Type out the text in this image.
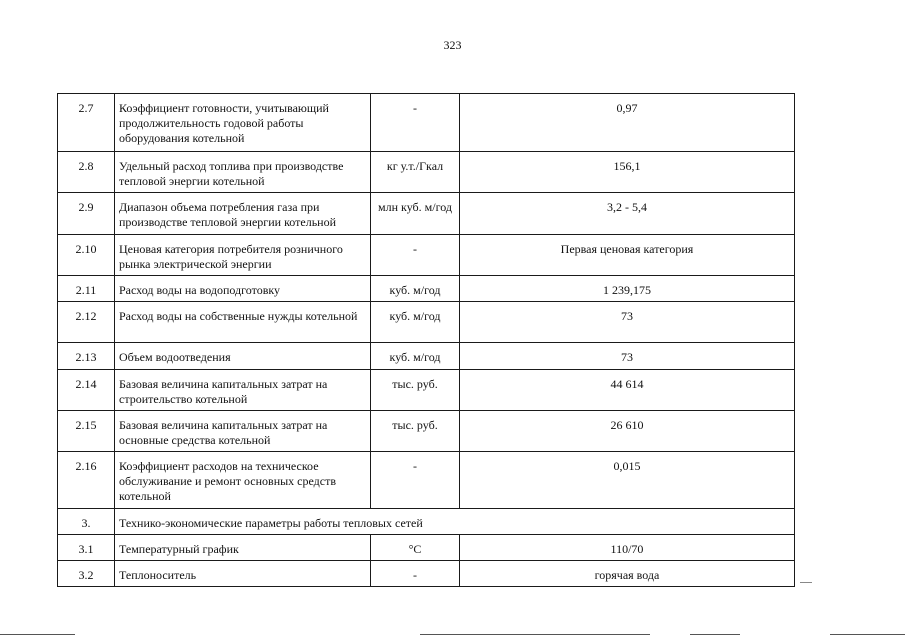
323
2.7	Коэффициент готовности, учитывающий продолжительность годовой работы оборудования котельной	-	0,97
2.8	Удельный расход топлива при производстве тепловой энергии котельной	кг у.т./Гкал	156,1
2.9	Диапазон объема потребления газа при производстве тепловой энергии котельной	млн куб. м/год	3,2 - 5,4
2.10	Ценовая категория потребителя розничного рынка электрической энергии	-	Первая ценовая категория
2.11	Расход воды на водоподготовку	куб. м/год	1 239,175
2.12	Расход воды на собственные нужды котельной	куб. м/год	73
2.13	Объем водоотведения	куб. м/год	73
2.14	Базовая величина капитальных затрат на строительство котельной	тыс. руб.	44 614
2.15	Базовая величина капитальных затрат на основные средства котельной	тыс. руб.	26 610
2.16	Коэффициент расходов на техническое обслуживание и ремонт основных средств котельной	-	0,015
3.	Технико-экономические параметры работы тепловых сетей		
3.1	Температурный график	°C	110/70
3.2	Теплоноситель	-	горячая вода
